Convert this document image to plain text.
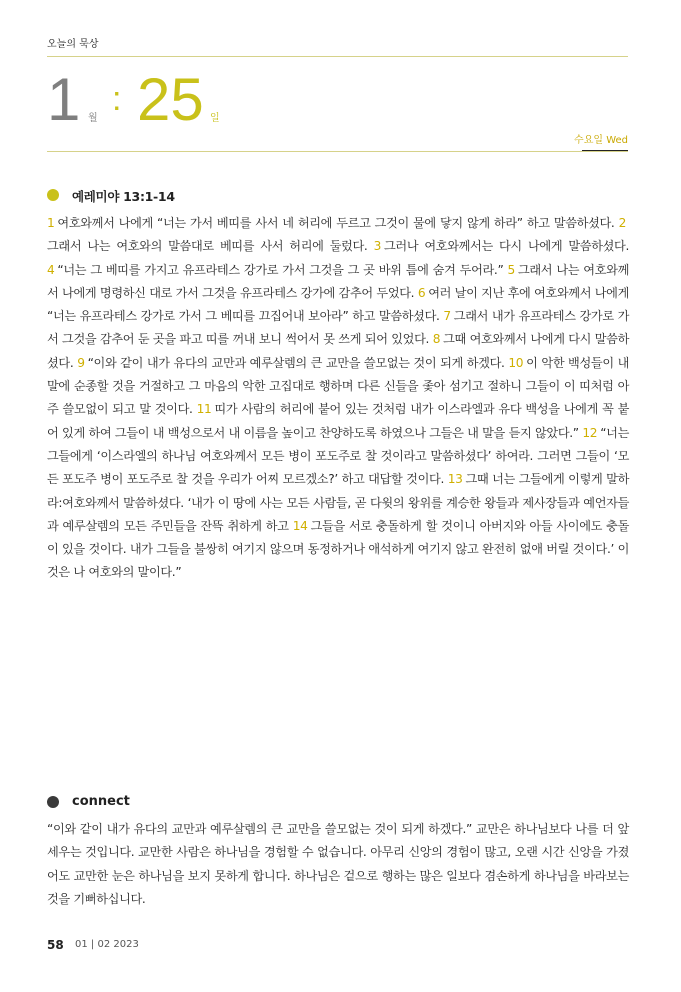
오늘의 묵상
1 월
: 25 일
수요일 Wed
예레미야 13:1-14
1 여호와께서 나에게 “너는 가서 베띠를 사서 네 허리에 두르고 그것이 물에 닿지 않게 하라” 하고 말씀하셨다. 2그래서 나는 여호와의 말씀대로 베띠를 사서 허리에 둘렀다. 3 그러나 여호와께서는 다시 나에게 말씀하셨다. 4 “너는 그 베띠를 가지고 유프라테스 강가로 가서 그것을 그 곳 바위 틈에 숨겨 두어라.” 5 그래서 나는 여호와께서 나에게 명령하신 대로 가서 그것을 유프라테스 강가에 감추어 두었다. 6 여러 날이 지난 후에 여호와께서 나에게 “너는 유프라테스 강가로 가서 그 베띠를 끄집어내 보아라” 하고 말씀하셨다. 7 그래서 내가 유프라테스 강가로 가서 그것을 감추어 둔 곳을 파고 띠를 꺼내 보니 썩어서 못 쓰게 되어 있었다. 8 그때 여호와께서 나에게 다시 말씀하셨다. 9 “이와 같이 내가 유다의 교만과 예루살렘의 큰 교만을 쓸모없는 것이 되게 하겠다. 10 이 악한 백성들이 내 말에 순종할 것을 거절하고 그 마음의 악한 고집대로 행하며 다른 신들을 좇아 섬기고 절하니 그들이 이 띠처럼 아주 쓸모없이 되고 말 것이다. 11 띠가 사람의 허리에 붙어 있는 것처럼 내가 이스라엘과 유다 백성을 나에게 꼭 붙어 있게 하여 그들이 내 백성으로서 내 이름을 높이고 찬양하도록 하였으나 그들은 내 말을 듣지 않았다.” 12 “너는 그들에게 ‘이스라엘의 하나님 여호와께서 모든 병이 포도주로 찰 것이라고 말씀하셨다’ 하여라. 그러면 그들이 ‘모든 포도주 병이 포도주로 찰 것을 우리가 어찌 모르겠소?’ 하고 대답할 것이다. 13 그때 너는 그들에게 이렇게 말하라:여호와께서 말씀하셨다. ‘내가 이 땅에 사는 모든 사람들, 곧 다윗의 왕위를 계승한 왕들과 제사장들과 예언자들과 예루살렘의 모든 주민들을 잔뜩 취하게 하고 14 그들을 서로 충돌하게 할 것이니 아버지와 아들 사이에도 충돌이 있을 것이다. 내가 그들을 불쌍히 여기지 않으며 동정하거나 애석하게 여기지 않고 완전히 없애 버릴 것이다.’ 이것은 나 여호와의 말이다.”
connect
“이와 같이 내가 유다의 교만과 예루살렘의 큰 교만을 쓸모없는 것이 되게 하겠다.” 교만은 하나님보다 나를 더 앞세우는 것입니다. 교만한 사람은 하나님을 경험할 수 없습니다. 아무리 신앙의 경험이 많고, 오랜 시간 신앙을 가졌어도 교만한 눈은 하나님을 보지 못하게 합니다. 하나님은 겉으로 행하는 많은 일보다 겸손하게 하나님을 바라보는 것을 기뻐하십니다.
58 01 | 02 2023
